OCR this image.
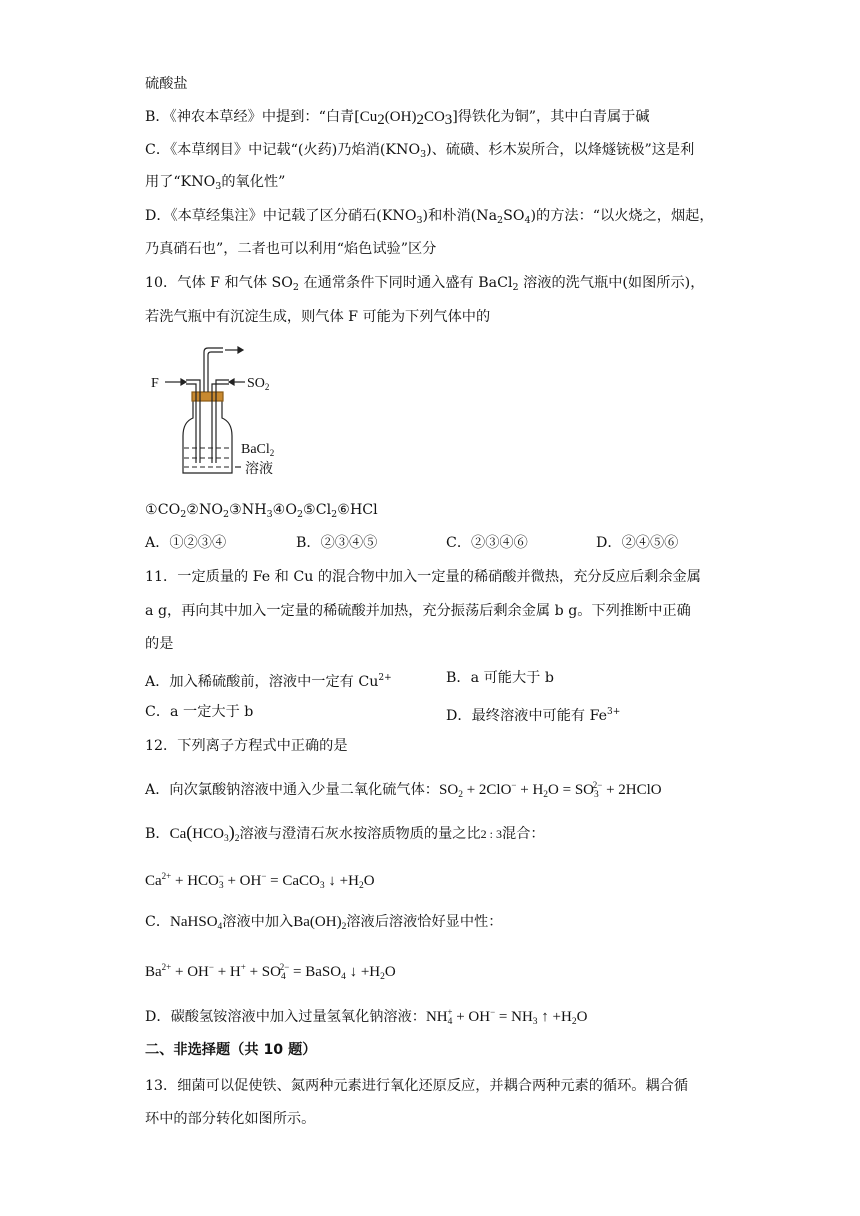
硫酸盐
B．《神农本草经》中提到：“白青$[Cu_2(OH)_2CO_3]$得铁化为铜”，其中白青属于碱
C．《本草纲目》中记载“(火药)乃焰消$(KNO_3)$、硫磺、杉木炭所合，以烽燧铳极”这是利
用了“$KNO_3$的氧化性”
D．《本草经集注》中记载了区分硝石$(KNO_3)$和朴消$(Na_2SO_4)$的方法：“以火烧之，烟起，
乃真硝石也”，二者也可以利用“焰色试验”区分
10．气体 F 和气体 $SO_2$ 在通常条件下同时通入盛有 BaCl$_2$ 溶液的洗气瓶中(如图所示)，
若洗气瓶中有沉淀生成，则气体 F 可能为下列气体中的
F	$SO_2$
BaCl$_2$
溶液
$①CO_2②NO_2③NH_3④O_2⑤Cl_2⑥HCl$
A．①②③④	B．②③④⑤	C．②③④⑥	D．②④⑤⑥
11．一定质量的 Fe 和 Cu 的混合物中加入一定量的稀硝酸并微热，充分反应后剩余金属
a g，再向其中加入一定量的稀硫酸并加热，充分振荡后剩余金属 b g。下列推断中正确
的是
A．加入稀硫酸前，溶液中一定有 $Cu^{2+}$	B．a 可能大于 b
C．a 一定大于 b	D．最终溶液中可能有 $Fe^{3+}$
12．下列离子方程式中正确的是
A．向次氯酸钠溶液中通入少量二氧化硫气体：$SO_2 + 2ClO^- + H_2O = SO_3^{2-}$ + 2HClO
B．$Ca(HCO_3)_2$溶液与澄清石灰水按溶质物质的量之比2 : 3混合：
$Ca^{2+} + HCO_3^- + OH^-$ = CaCO$_3$ ↓ $+H_2O$
C．NaHSO$_4$溶液中加入$Ba(OH)_2$溶液后溶液恰好显中性：
$Ba^{2+} + OH^- + H^+ + SO_4^{2-}$ = BaSO$_4$ ↓ $+H_2O$
D．碳酸氢铵溶液中加入过量氢氧化钠溶液：$NH_4^+ + OH^- = NH_3$ ↑ $+H_2O$
二、非选择题（共 10 题）
13．细菌可以促使铁、氮两种元素进行氧化还原反应，并耦合两种元素的循环。耦合循
环中的部分转化如图所示。
